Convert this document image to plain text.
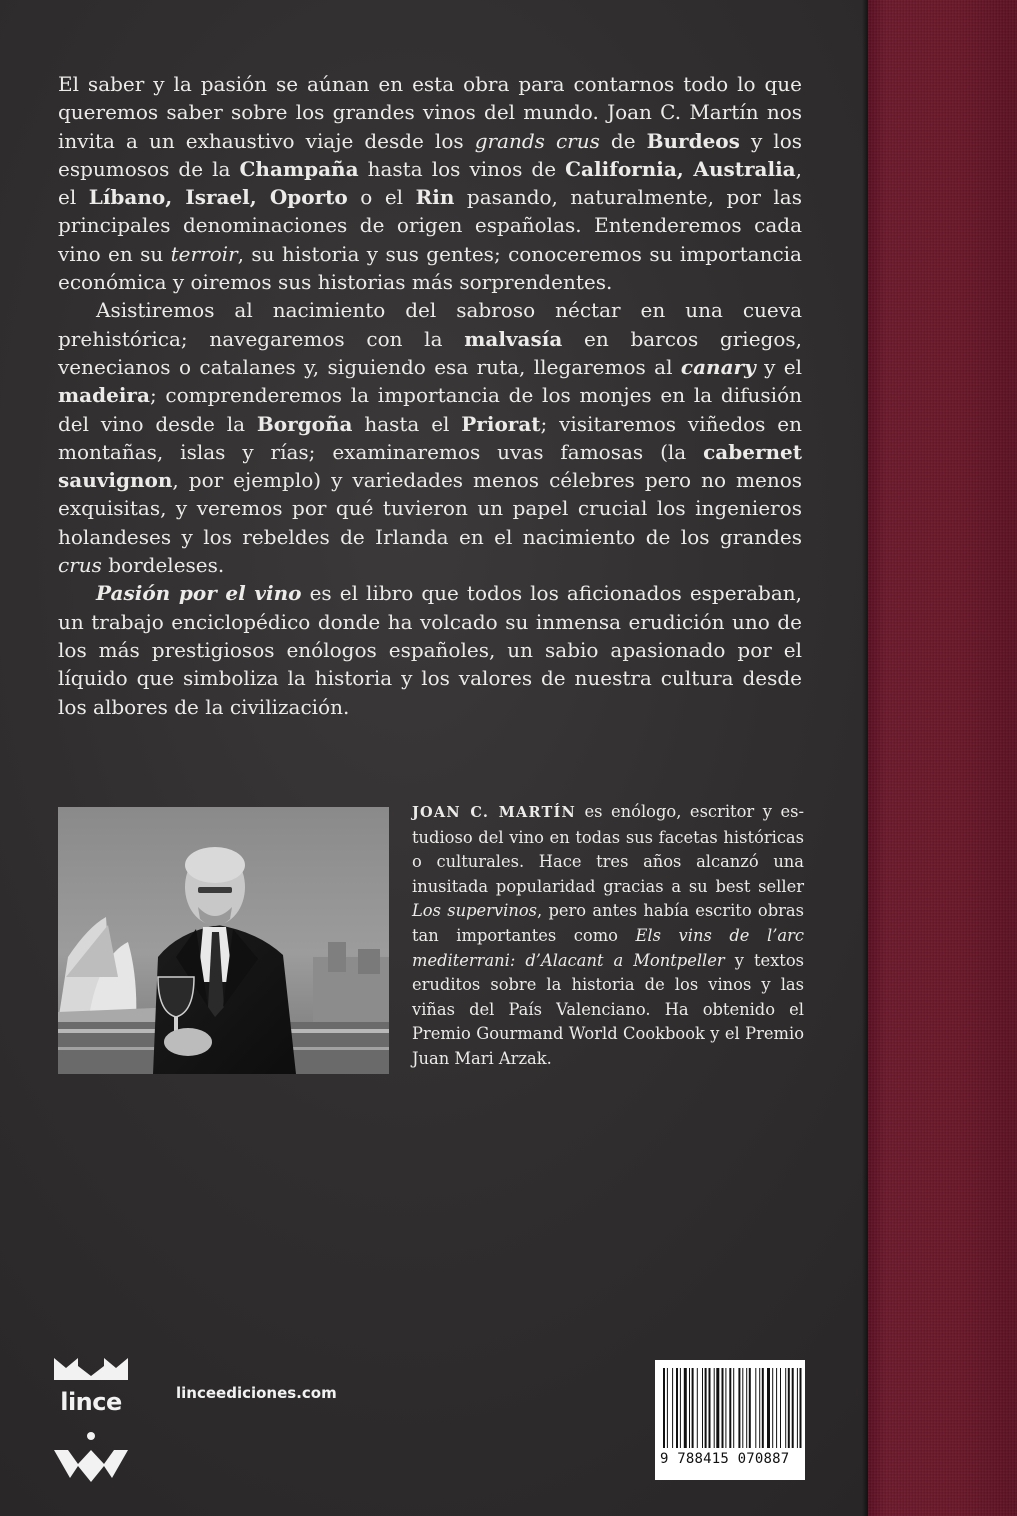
El saber y la pasión se aúnan en esta obra para contarnos todo lo que queremos saber sobre los grandes vinos del mundo. Joan C. Martín nos invita a un exhaustivo viaje desde los grands crus de Burdeos y los espumosos de la Champaña hasta los vinos de California, Australia, el Líbano, Israel, Oporto o el Rin pasando, naturalmente, por las principales denominaciones de origen españolas. Entenderemos cada vino en su terroir, su historia y sus gentes; conoceremos su importancia económica y oiremos sus historias más sorprendentes.

Asistiremos al nacimiento del sabroso néctar en una cueva prehistórica; navegaremos con la malvasía en barcos griegos, venecianos o catalanes y, siguiendo esa ruta, llegaremos al canary y el madeira; comprenderemos la importancia de los monjes en la difusión del vino desde la Borgoña hasta el Priorat; visitaremos viñedos en montañas, islas y rías; examinaremos uvas famosas (la cabernet sauvignon, por ejemplo) y variedades menos célebres pero no menos exquisitas, y veremos por qué tuvieron un papel crucial los ingenieros holandeses y los rebeldes de Irlanda en el nacimiento de los grandes crus bordeleses.

Pasión por el vino es el libro que todos los aficionados esperaban, un trabajo enciclopédico donde ha volcado su inmensa erudición uno de los más prestigiosos enólogos españoles, un sabio apasionado por el líquido que simboliza la historia y los valores de nuestra cultura desde los albores de la civilización.

JOAN C. MARTÍN es enólogo, escritor y estudioso del vino en todas sus facetas históricas o culturales. Hace tres años alcanzó una inusitada popularidad gracias a su best seller Los supervinos, pero antes había escrito obras tan importantes como Els vins de l’arc mediterrani: d’Alacant a Montpeller y textos eruditos sobre la historia de los vinos y las viñas del País Valenciano. Ha obtenido el Premio Gourmand World Cookbook y el Premio Juan Mari Arzak.
lince	linceediciones.com
9 788415 070887
